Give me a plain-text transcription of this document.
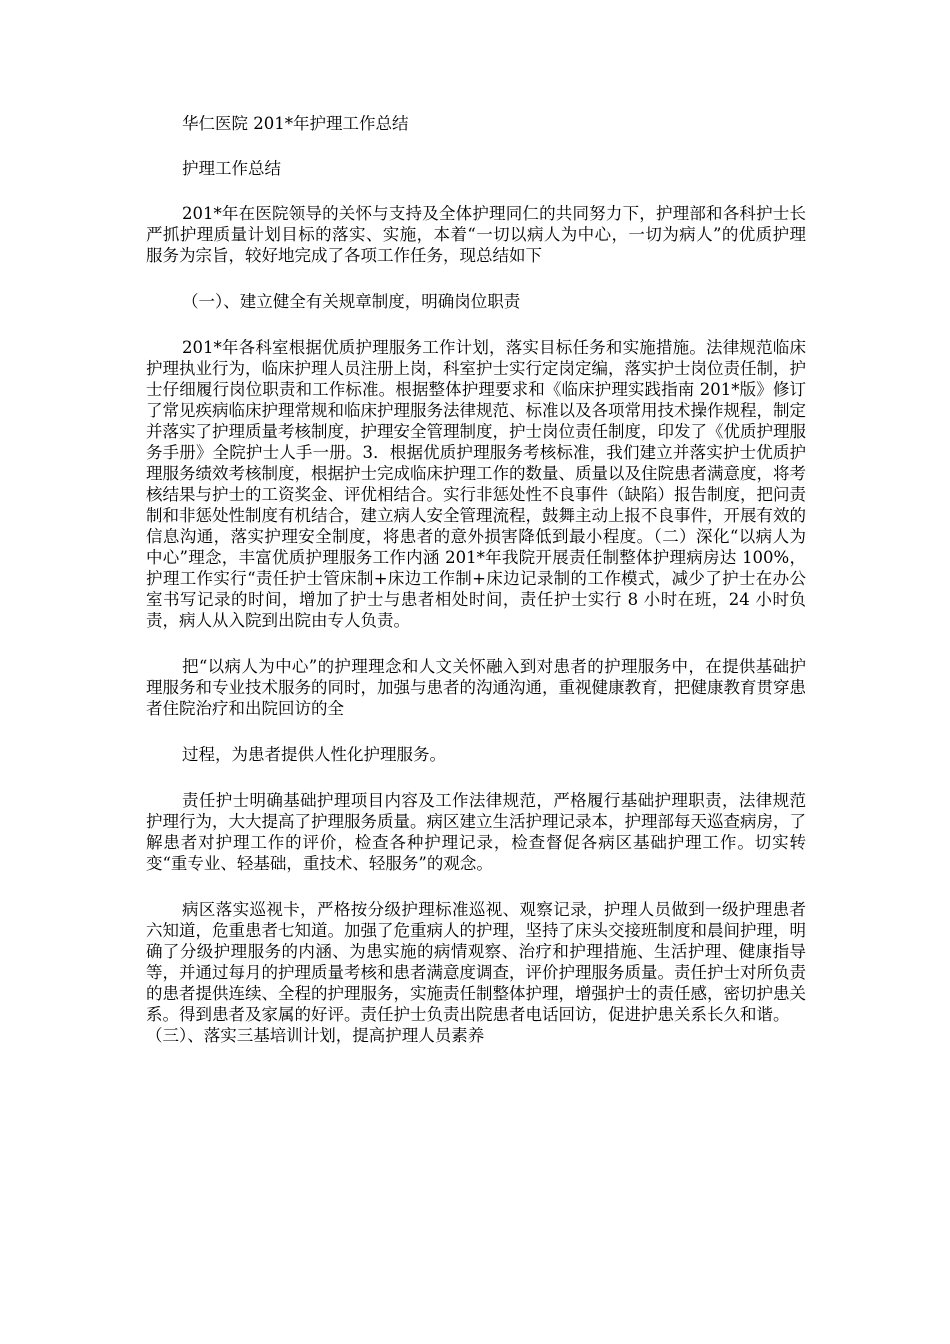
华仁医院 201*年护理工作总结

护理工作总结

201*年在医院领导的关怀与支持及全体护理同仁的共同努力下，护理部和各科护士长严抓护理质量计划目标的落实、实施，本着“一切以病人为中心，一切为病人”的优质护理服务为宗旨，较好地完成了各项工作任务，现总结如下

（一）、建立健全有关规章制度，明确岗位职责

201*年各科室根据优质护理服务工作计划，落实目标任务和实施措施。法律规范临床护理执业行为，临床护理人员注册上岗，科室护士实行定岗定编，落实护士岗位责任制，护士仔细履行岗位职责和工作标准。根据整体护理要求和《临床护理实践指南 201*版》修订了常见疾病临床护理常规和临床护理服务法律规范、标准以及各项常用技术操作规程，制定并落实了护理质量考核制度，护理安全管理制度，护士岗位责任制度，印发了《优质护理服务手册》全院护士人手一册。3．根据优质护理服务考核标准，我们建立并落实护士优质护理服务绩效考核制度，根据护士完成临床护理工作的数量、质量以及住院患者满意度，将考核结果与护士的工资奖金、评优相结合。实行非惩处性不良事件（缺陷）报告制度，把问责制和非惩处性制度有机结合，建立病人安全管理流程，鼓舞主动上报不良事件，开展有效的信息沟通，落实护理安全制度，将患者的意外损害降低到最小程度。（二）深化“以病人为中心”理念，丰富优质护理服务工作内涵 201*年我院开展责任制整体护理病房达 100%，护理工作实行“责任护士管床制+床边工作制+床边记录制的工作模式，减少了护士在办公室书写记录的时间，增加了护士与患者相处时间，责任护士实行 8 小时在班，24 小时负责，病人从入院到出院由专人负责。

把“以病人为中心”的护理理念和人文关怀融入到对患者的护理服务中，在提供基础护理服务和专业技术服务的同时，加强与患者的沟通沟通，重视健康教育，把健康教育贯穿患者住院治疗和出院回访的全

过程，为患者提供人性化护理服务。

责任护士明确基础护理项目内容及工作法律规范，严格履行基础护理职责，法律规范护理行为，大大提高了护理服务质量。病区建立生活护理记录本，护理部每天巡查病房，了解患者对护理工作的评价，检查各种护理记录，检查督促各病区基础护理工作。切实转变“重专业、轻基础，重技术、轻服务”的观念。

病区落实巡视卡，严格按分级护理标准巡视、观察记录，护理人员做到一级护理患者六知道，危重患者七知道。加强了危重病人的护理，坚持了床头交接班制度和晨间护理，明确了分级护理服务的内涵、为患实施的病情观察、治疗和护理措施、生活护理、健康指导等，并通过每月的护理质量考核和患者满意度调查，评价护理服务质量。责任护士对所负责的患者提供连续、全程的护理服务，实施责任制整体护理，增强护士的责任感，密切护患关系。得到患者及家属的好评。责任护士负责出院患者电话回访，促进护患关系长久和谐。

（三）、落实三基培训计划，提高护理人员素养
